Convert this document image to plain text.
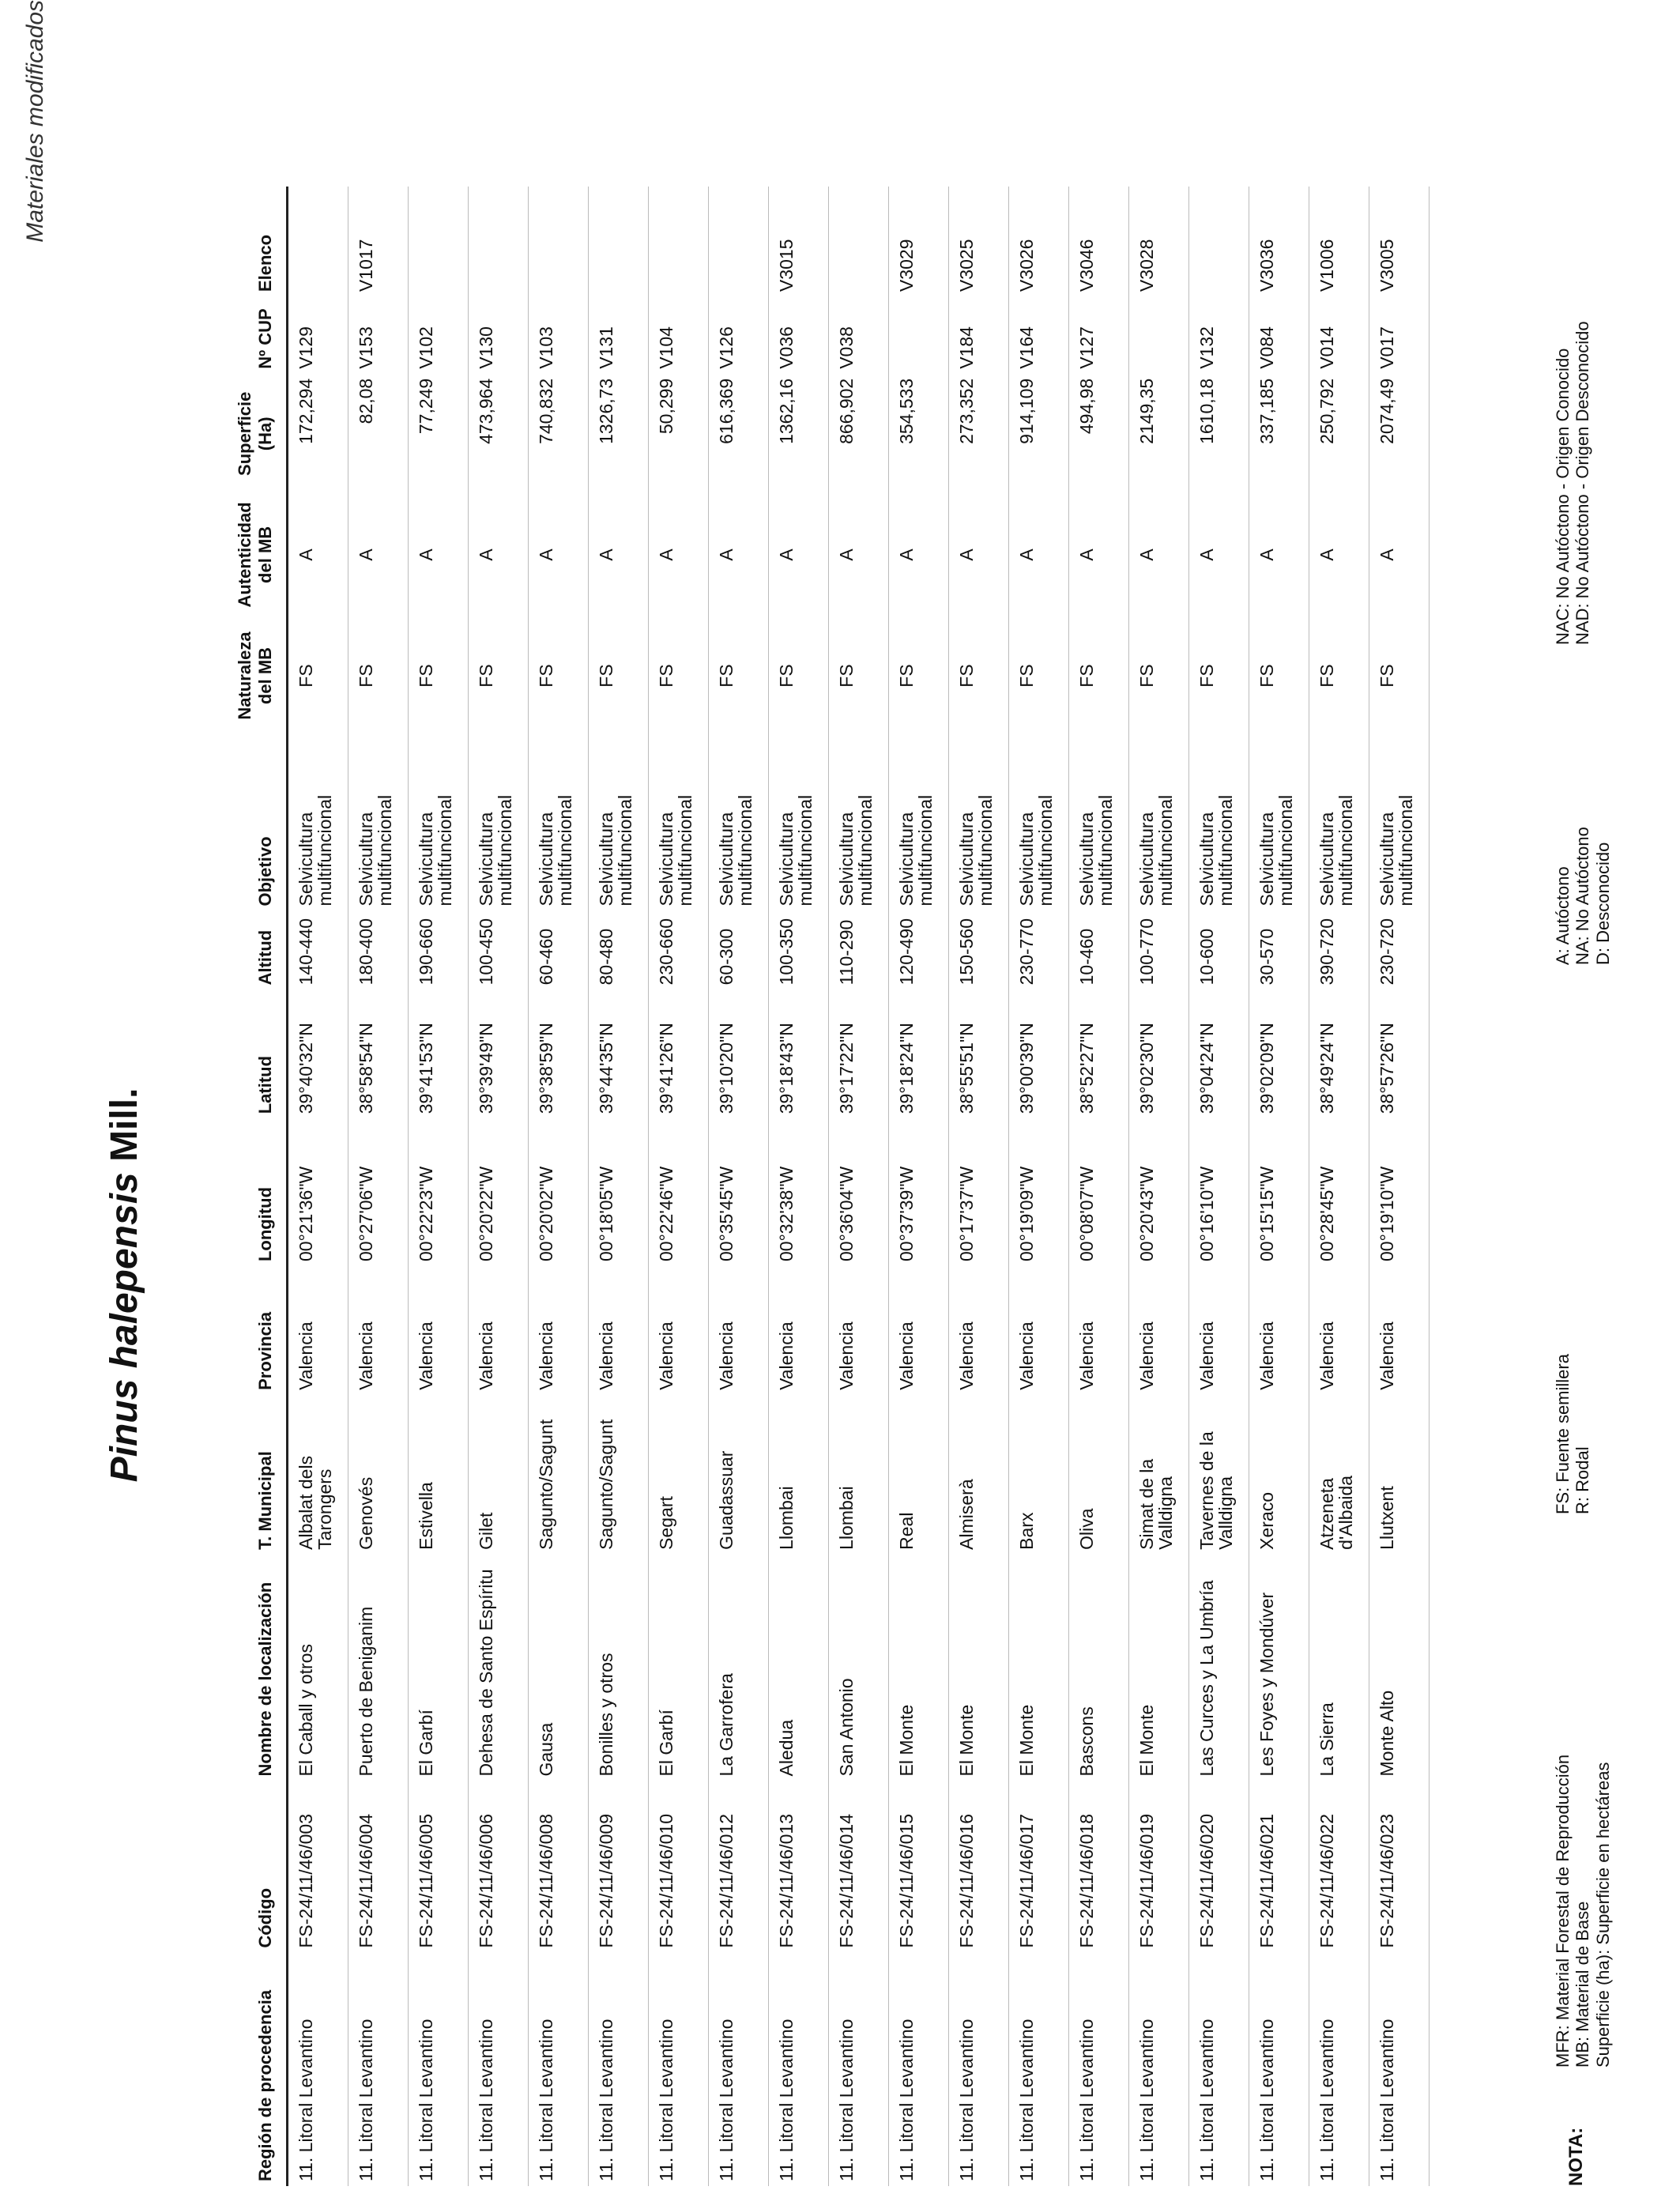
Materiales modificados
Pinus halepensis Mill.
Región de procedencia	Código	Nombre de localización	T. Municipal	Provincia	Longitud	Latitud	Altitud	Objetivo	Naturaleza del MB	Autenticidad del MB	Superficie (Ha)	Nº CUP	Elenco
11. Litoral Levantino	FS-24/11/46/003	El Caball y otros	Albalat dels Tarongers	Valencia	00°21'36"W	39°40'32"N	140-440	Selvicultura multifuncional	FS	A	172,294	V129	
11. Litoral Levantino	FS-24/11/46/004	Puerto de Beniganim	Genovés	Valencia	00°27'06"W	38°58'54"N	180-400	Selvicultura multifuncional	FS	A	82,08	V153	V1017
11. Litoral Levantino	FS-24/11/46/005	El Garbí	Estivella	Valencia	00°22'23"W	39°41'53"N	190-660	Selvicultura multifuncional	FS	A	77,249	V102	
11. Litoral Levantino	FS-24/11/46/006	Dehesa de Santo Espíritu	Gilet	Valencia	00°20'22"W	39°39'49"N	100-450	Selvicultura multifuncional	FS	A	473,964	V130	
11. Litoral Levantino	FS-24/11/46/008	Gausa	Sagunto/Sagunt	Valencia	00°20'02"W	39°38'59"N	60-460	Selvicultura multifuncional	FS	A	740,832	V103	
11. Litoral Levantino	FS-24/11/46/009	Bonilles y otros	Sagunto/Sagunt	Valencia	00°18'05"W	39°44'35"N	80-480	Selvicultura multifuncional	FS	A	1326,73	V131	
11. Litoral Levantino	FS-24/11/46/010	El Garbí	Segart	Valencia	00°22'46"W	39°41'26"N	230-660	Selvicultura multifuncional	FS	A	50,299	V104	
11. Litoral Levantino	FS-24/11/46/012	La Garrofera	Guadassuar	Valencia	00°35'45"W	39°10'20"N	60-300	Selvicultura multifuncional	FS	A	616,369	V126	
11. Litoral Levantino	FS-24/11/46/013	Aledua	Llombai	Valencia	00°32'38"W	39°18'43"N	100-350	Selvicultura multifuncional	FS	A	1362,16	V036	V3015
11. Litoral Levantino	FS-24/11/46/014	San Antonio	Llombai	Valencia	00°36'04"W	39°17'22"N	110-290	Selvicultura multifuncional	FS	A	866,902	V038	
11. Litoral Levantino	FS-24/11/46/015	El Monte	Real	Valencia	00°37'39"W	39°18'24"N	120-490	Selvicultura multifuncional	FS	A	354,533		V3029
11. Litoral Levantino	FS-24/11/46/016	El Monte	Almiserà	Valencia	00°17'37"W	38°55'51"N	150-560	Selvicultura multifuncional	FS	A	273,352	V184	V3025
11. Litoral Levantino	FS-24/11/46/017	El Monte	Barx	Valencia	00°19'09"W	39°00'39"N	230-770	Selvicultura multifuncional	FS	A	914,109	V164	V3026
11. Litoral Levantino	FS-24/11/46/018	Bascons	Oliva	Valencia	00°08'07"W	38°52'27"N	10-460	Selvicultura multifuncional	FS	A	494,98	V127	V3046
11. Litoral Levantino	FS-24/11/46/019	El Monte	Simat de la Valldigna	Valencia	00°20'43"W	39°02'30"N	100-770	Selvicultura multifuncional	FS	A	2149,35		V3028
11. Litoral Levantino	FS-24/11/46/020	Las Curces y La Umbría	Tavernes de la Valldigna	Valencia	00°16'10"W	39°04'24"N	10-600	Selvicultura multifuncional	FS	A	1610,18	V132	
11. Litoral Levantino	FS-24/11/46/021	Les Foyes y Mondúver	Xeraco	Valencia	00°15'15"W	39°02'09"N	30-570	Selvicultura multifuncional	FS	A	337,185	V084	V3036
11. Litoral Levantino	FS-24/11/46/022	La Sierra	Atzeneta d'Albaida	Valencia	00°28'45"W	38°49'24"N	390-720	Selvicultura multifuncional	FS	A	250,792	V014	V1006
11. Litoral Levantino	FS-24/11/46/023	Monte Alto	Llutxent	Valencia	00°19'10"W	38°57'26"N	230-720	Selvicultura multifuncional	FS	A	2074,49	V017	V3005
NOTA:
MFR: Material Forestal de Reproducción MB: Material de Base Superficie (ha): Superficie en hectáreas
FS: Fuente semillera R: Rodal
A: Autóctono NA: No Autóctono D: Desconocido
NAC: No Autóctono - Origen Conocido NAD: No Autóctono - Origen Desconocido
